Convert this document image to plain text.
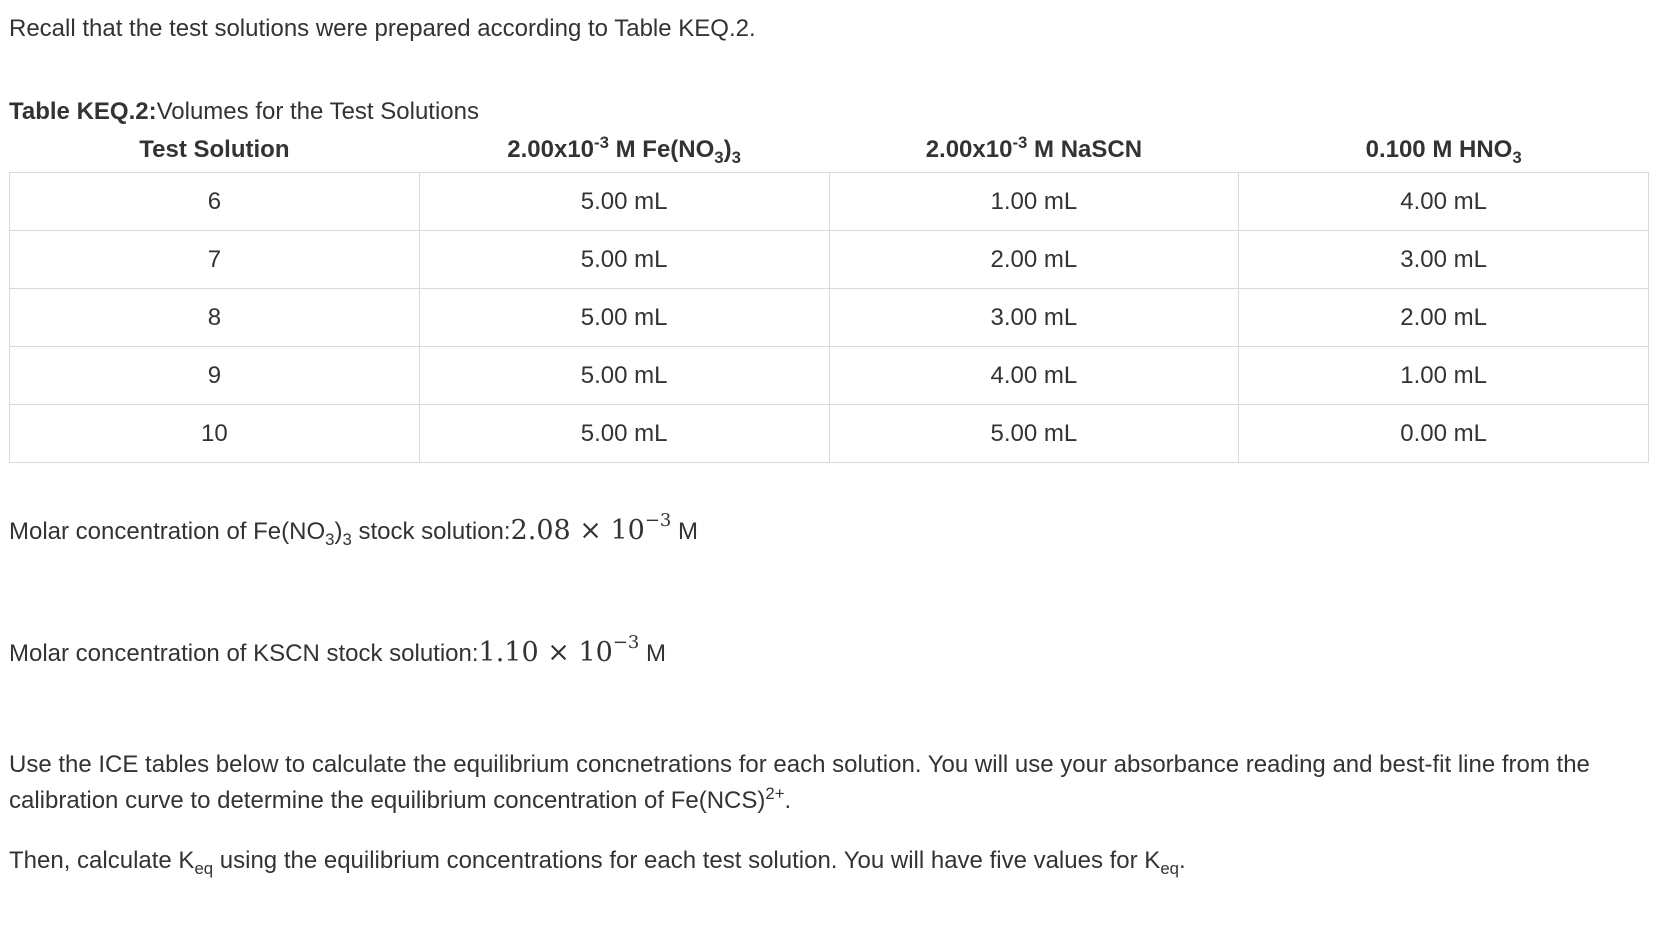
Recall that the test solutions were prepared according to Table KEQ.2.
Table KEQ.2:Volumes for the Test Solutions
Test Solution	$2.00x10^{-3}$ M $Fe(NO_3)_3$	$2.00x10^{-3}$ M NaSCN	0.100 M $HNO_3$
6	5.00 mL	1.00 mL	4.00 mL
7	5.00 mL	2.00 mL	3.00 mL
8	5.00 mL	3.00 mL	2.00 mL
9	5.00 mL	4.00 mL	1.00 mL
10	5.00 mL	5.00 mL	0.00 mL
Molar concentration of $Fe(NO_3)_3$ stock solution:2.08 × $10^{-3}$ M
Molar concentration of KSCN stock solution:1.10 × $10^{-3}$ M
Use the ICE tables below to calculate the equilibrium concnetrations for each solution. You will use your absorbance reading and best-fit line from the calibration curve to determine the equilibrium concentration of Fe(NCS)$^{2+}$.
Then, calculate $K_{eq}$ using the equilibrium concentrations for each test solution. You will have five values for $K_{eq}$.
